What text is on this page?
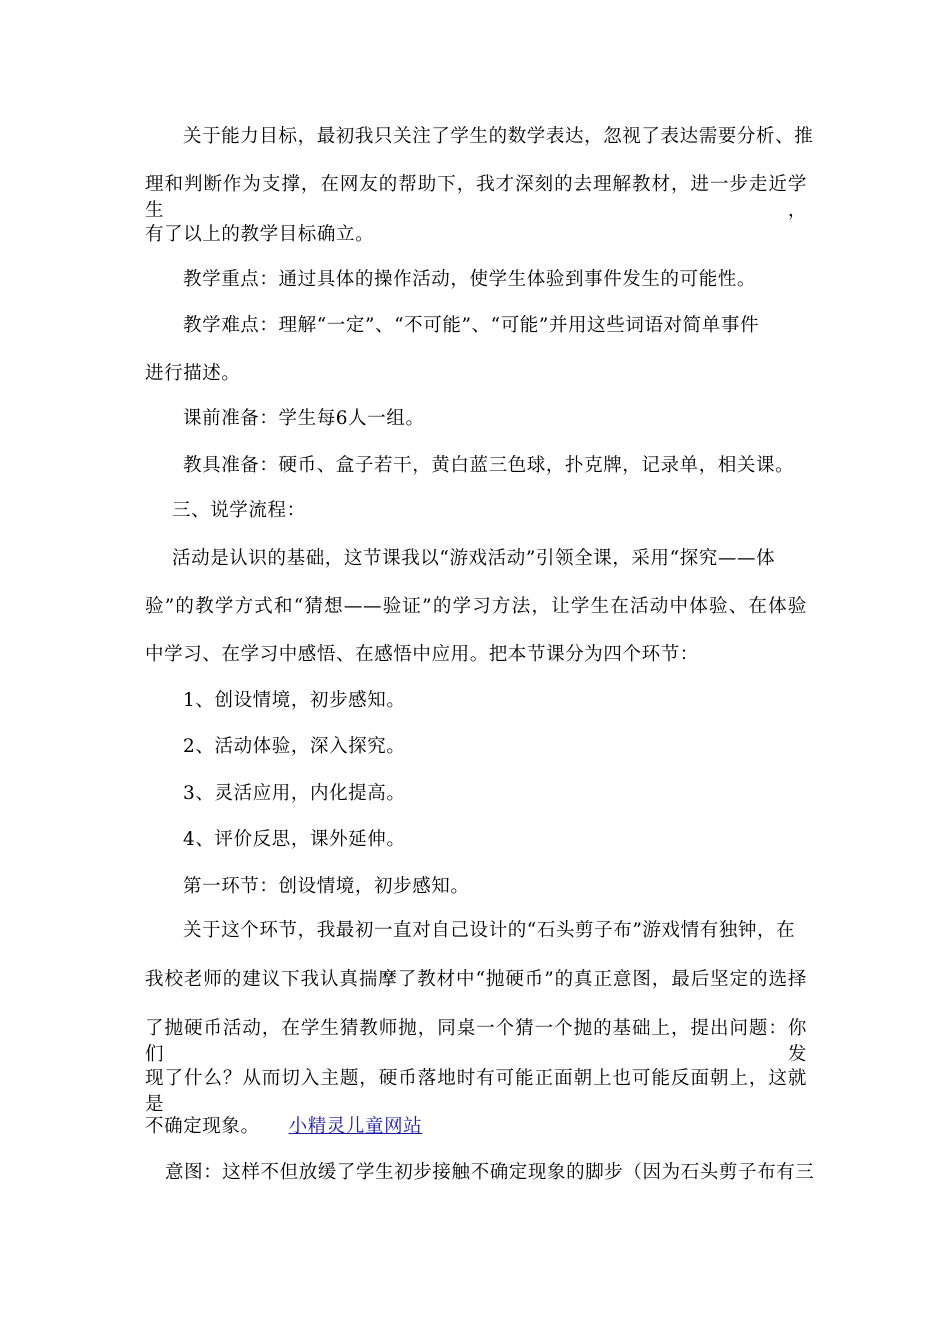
关于能力目标，最初我只关注了学生的数学表达，忽视了表达需要分析、推
理和判断作为支撑，在网友的帮助下，我才深刻的去理解教材，进一步走近学生，
有了以上的教学目标确立。
教学重点：通过具体的操作活动，使学生体验到事件发生的可能性。
教学难点：理解“一定”、“不可能”、“可能”并用这些词语对简单事件
进行描述。
课前准备：学生每6人一组。
教具准备：硬币、盒子若干，黄白蓝三色球，扑克牌，记录单，相关课。
三、说学流程：
活动是认识的基础，这节课我以“游戏活动”引领全课，采用“探究——体
验”的教学方式和“猜想——验证”的学习方法，让学生在活动中体验、在体验
中学习、在学习中感悟、在感悟中应用。把本节课分为四个环节：
1、创设情境，初步感知。
2、活动体验，深入探究。
3、灵活应用，内化提高。
4、评价反思，课外延伸。
第一环节：创设情境，初步感知。
关于这个环节，我最初一直对自己设计的“石头剪子布”游戏情有独钟，在
我校老师的建议下我认真揣摩了教材中“抛硬币”的真正意图，最后坚定的选择
了抛硬币活动，在学生猜教师抛，同桌一个猜一个抛的基础上，提出问题：你们发
现了什么？从而切入主题，硬币落地时有可能正面朝上也可能反面朝上，这就是
不确定现象。 小精灵儿童网站
意图：这样不但放缓了学生初步接触不确定现象的脚步（因为石头剪子布有三
